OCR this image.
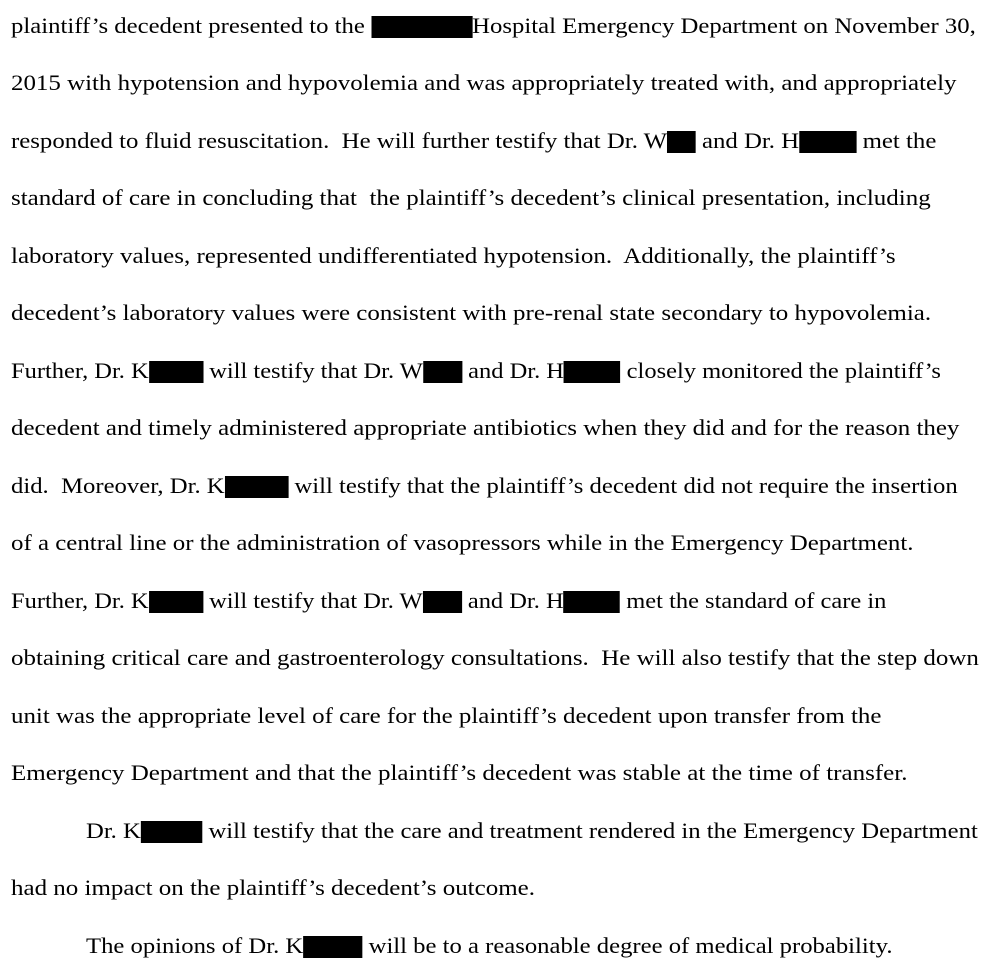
plaintiff’s decedent presented to the	Hospital Emergency Department on November 30,
2015 with hypotension and hypovolemia and was appropriately treated with, and appropriately
responded to fluid resuscitation.  He will further testify that Dr. W and Dr. H	met the
standard of care in concluding that  the plaintiff’s decedent’s clinical presentation, including
laboratory values, represented undifferentiated hypotension.  Additionally, the plaintiff’s
decedent’s laboratory values were consistent with pre-renal state secondary to hypovolemia.
Further, Dr. K will testify that Dr. W and Dr. H	closely monitored the plaintiff’s
decedent and timely administered appropriate antibiotics when they did and for the reason they
did.  Moreover, Dr. K	will testify that the plaintiff’s decedent did not require the insertion
of a central line or the administration of vasopressors while in the Emergency Department.
Further, Dr. K will testify that Dr. W and Dr. H	met the standard of care in
obtaining critical care and gastroenterology consultations.  He will also testify that the step down
unit was the appropriate level of care for the plaintiff’s decedent upon transfer from the
Emergency Department and that the plaintiff’s decedent was stable at the time of transfer.
Dr. K	will testify that the care and treatment rendered in the Emergency Department
had no impact on the plaintiff’s decedent’s outcome.
The opinions of Dr. K	will be to a reasonable degree of medical probability.
